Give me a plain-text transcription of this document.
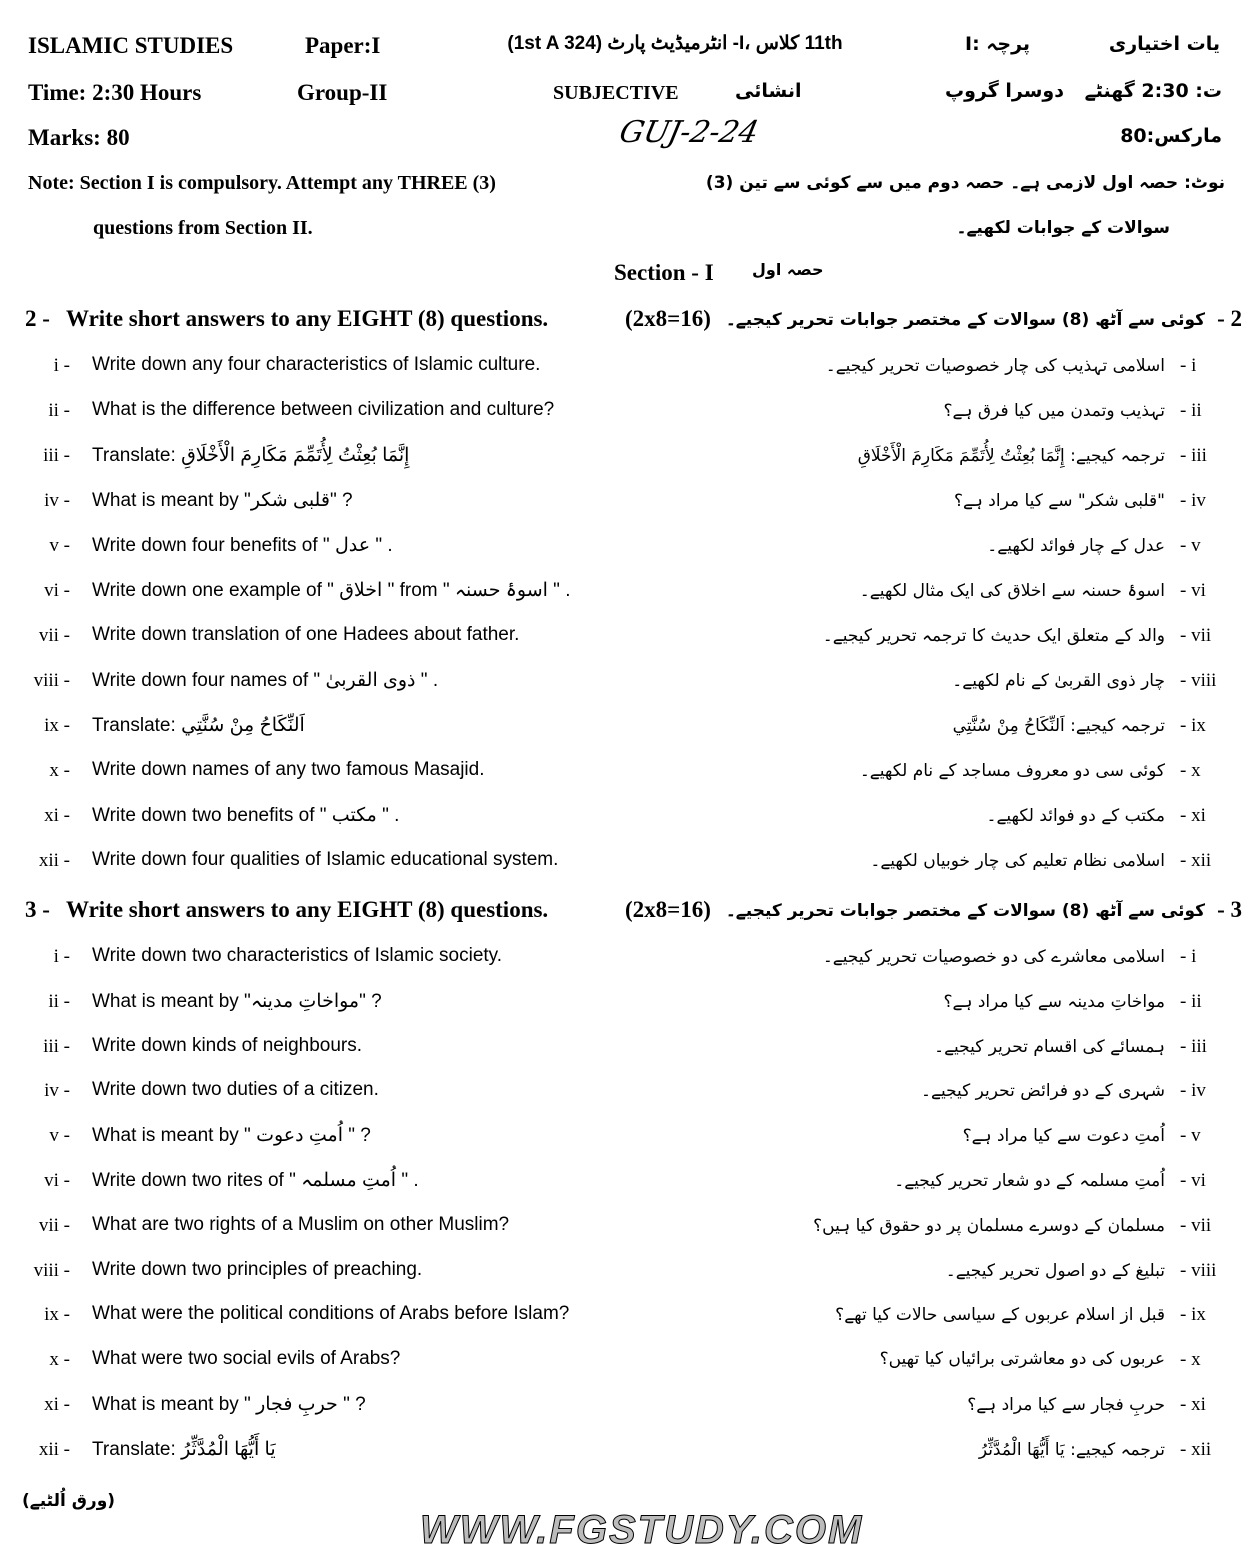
ISLAMIC STUDIES	Paper:I	11th کلاس ،I- انٹرمیڈیٹ پارٹ (1st A 324)	پرچہ :I	یات اختیاری
Time: 2:30 Hours	Group-II	SUBJECTIVE	انشائی	دوسرا گروپ ت: 2:30 گھنٹے
Marks: 80	GUJ-2-24	مارکس:80
Note: Section I is compulsory. Attempt any THREE (3)
questions from Section II.
نوٹ: حصہ اول لازمی ہے۔ حصہ دوم میں سے کوئی سے تین (3)
سوالات کے جوابات لکھیے۔
Section - I حصہ اول
2 - Write short answers to any EIGHT (8) questions.	(2x8=16) کوئی سے آٹھ (8) سوالات کے مختصر جوابات تحریر کیجیے۔ - 2
i - Write down any four characteristics of Islamic culture.	اسلامی تہذیب کی چار خصوصیات تحریر کیجیے۔ - i
ii - What is the difference between civilization and culture?	تہذیب وتمدن میں کیا فرق ہے؟ - ii
iii - Translate: إِنَّمَا بُعِثْتُ لِأُتَمِّمَ مَكَارِمَ الْأَخْلَاقِ	ترجمہ کیجیے: إِنَّمَا بُعِثْتُ لِأُتَمِّمَ مَكَارِمَ الْأَخْلَاقِ - iii
iv - What is meant by "قلبی شکر" ?	"قلبی شکر" سے کیا مراد ہے؟ - iv
v - Write down four benefits of " عدل " .	عدل کے چار فوائد لکھیے۔ - v
vi - Write down one example of " اخلاق " from " اسوۂ حسنہ " .	اسوۂ حسنہ سے اخلاق کی ایک مثال لکھیے۔ - vi
vii - Write down translation of one Hadees about father.	والد کے متعلق ایک حدیث کا ترجمہ تحریر کیجیے۔ - vii
viii - Write down four names of " ذوی القربیٰ " .	چار ذوی القربیٰ کے نام لکھیے۔ - viii
ix - Translate: اَلنِّكَاحُ مِنْ سُنَّتِي	ترجمہ کیجیے: اَلنِّكَاحُ مِنْ سُنَّتِي - ix
x - Write down names of any two famous Masajid.	کوئی سی دو معروف مساجد کے نام لکھیے۔ - x
xi - Write down two benefits of " مکتب " .	مکتب کے دو فوائد لکھیے۔ - xi
xii - Write down four qualities of Islamic educational system.	اسلامی نظام تعلیم کی چار خوبیاں لکھیے۔ - xii
3 - Write short answers to any EIGHT (8) questions.	(2x8=16) کوئی سے آٹھ (8) سوالات کے مختصر جوابات تحریر کیجیے۔ - 3
i - Write down two characteristics of Islamic society.	اسلامی معاشرے کی دو خصوصیات تحریر کیجیے۔ - i
ii - What is meant by "مواخاتِ مدینہ" ?	مواخاتِ مدینہ سے کیا مراد ہے؟ - ii
iii - Write down kinds of neighbours.	ہمسائے کی اقسام تحریر کیجیے۔ - iii
iv - Write down two duties of a citizen.	شہری کے دو فرائض تحریر کیجیے۔ - iv
v - What is meant by " اُمتِ دعوت " ?	اُمتِ دعوت سے کیا مراد ہے؟ - v
vi - Write down two rites of " اُمتِ مسلمہ " .	اُمتِ مسلمہ کے دو شعار تحریر کیجیے۔ - vi
vii - What are two rights of a Muslim on other Muslim?	مسلمان کے دوسرے مسلمان پر دو حقوق کیا ہیں؟ - vii
viii - Write down two principles of preaching.	تبلیغ کے دو اصول تحریر کیجیے۔ - viii
ix - What were the political conditions of Arabs before Islam?	قبل از اسلام عربوں کے سیاسی حالات کیا تھے؟ - ix
x - What were two social evils of Arabs?	عربوں کی دو معاشرتی برائیاں کیا تھیں؟ - x
xi - What is meant by " حربِ فجار " ?	حربِ فجار سے کیا مراد ہے؟ - xi
xii - Translate: يَا أَيُّهَا الْمُدَّثِّرُ	ترجمہ کیجیے: يَا أَيُّهَا الْمُدَّثِّرُ - xii
(ورق اُلٹیے)
WWW.FGSTUDY.COM
